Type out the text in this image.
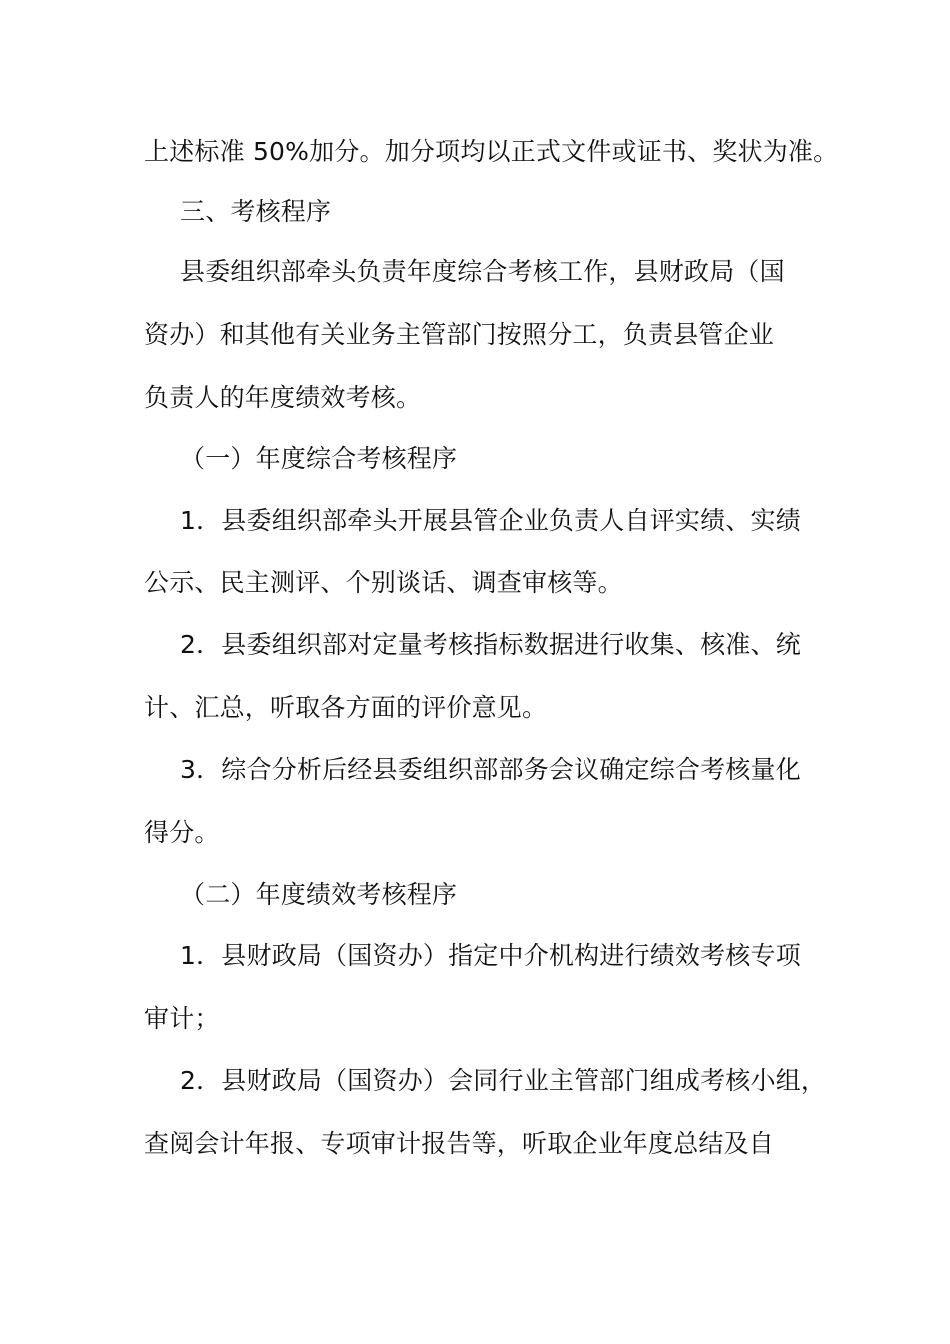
上述标准 50%加分。加分项均以正式文件或证书、奖状为准。
三、考核程序
县委组织部牵头负责年度综合考核工作，县财政局（国
资办）和其他有关业务主管部门按照分工，负责县管企业
负责人的年度绩效考核。
（一）年度综合考核程序
1．县委组织部牵头开展县管企业负责人自评实绩、实绩
公示、民主测评、个别谈话、调查审核等。
2．县委组织部对定量考核指标数据进行收集、核准、统
计、汇总，听取各方面的评价意见。
3．综合分析后经县委组织部部务会议确定综合考核量化
得分。
（二）年度绩效考核程序
1．县财政局（国资办）指定中介机构进行绩效考核专项
审计；
2．县财政局（国资办）会同行业主管部门组成考核小组，
查阅会计年报、专项审计报告等，听取企业年度总结及自
